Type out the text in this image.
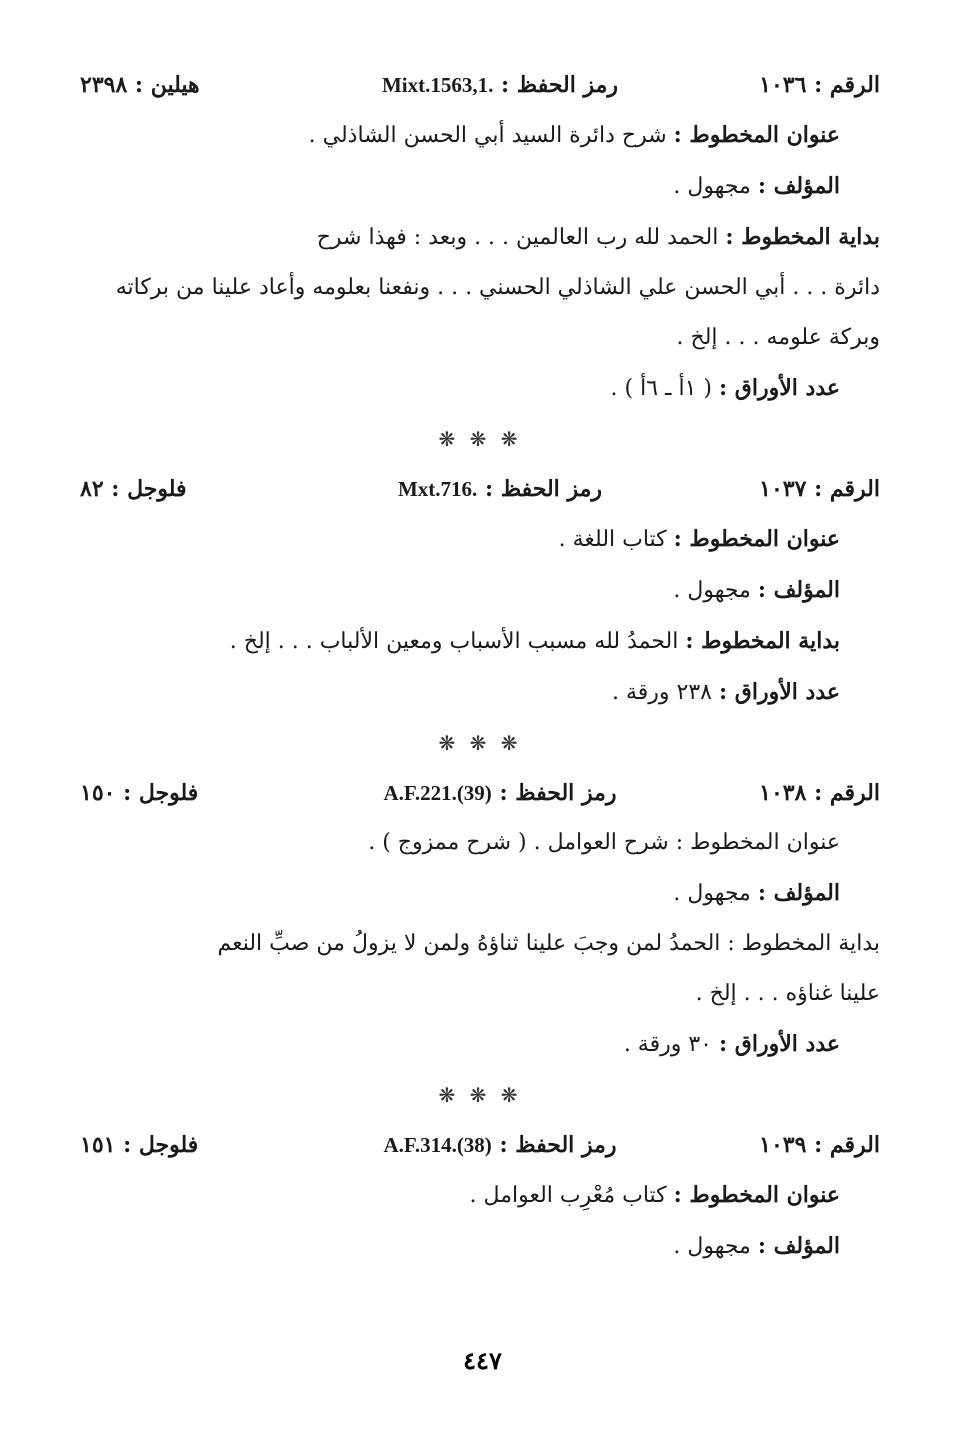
الرقم : ١٠٣٦
رمز الحفظ : Mixt.1563,1.
هيلين : ٢٣٩٨
عنوان المخطوط : شرح دائرة السيد أبي الحسن الشاذلي .
المؤلف : مجهول .
بداية المخطوط : الحمد لله رب العالمين . . . وبعد : فهذا شرح
دائرة . . . أبي الحسن علي الشاذلي الحسني . . . ونفعنا بعلومه وأعاد علينا من بركاته
وبركة علومه . . . إلخ .
عدد الأوراق : ( ١أ ـ ٦أ ) .
❋ ❋ ❋
الرقم : ١٠٣٧
رمز الحفظ : Mxt.716.
فلوجل : ٨٢
عنوان المخطوط : كتاب اللغة .
المؤلف : مجهول .
بداية المخطوط : الحمدُ لله مسبب الأسباب ومعين الألباب . . . إلخ .
عدد الأوراق : ٢٣٨ ورقة .
❋ ❋ ❋
الرقم : ١٠٣٨
رمز الحفظ : A.F.221.(39)
فلوجل : ١٥٠
عنوان المخطوط : شرح العوامل . ( شرح ممزوج ) .
المؤلف : مجهول .
بداية المخطوط : الحمدُ لمن وجبَ علينا ثناؤهُ ولمن لا يزولُ من صبِّ النعم
علينا غناؤه . . . إلخ .
عدد الأوراق : ٣٠ ورقة .
❋ ❋ ❋
الرقم : ١٠٣٩
رمز الحفظ : A.F.314.(38)
فلوجل : ١٥١
عنوان المخطوط : كتاب مُعْرِب العوامل .
المؤلف : مجهول .
٤٤٧
